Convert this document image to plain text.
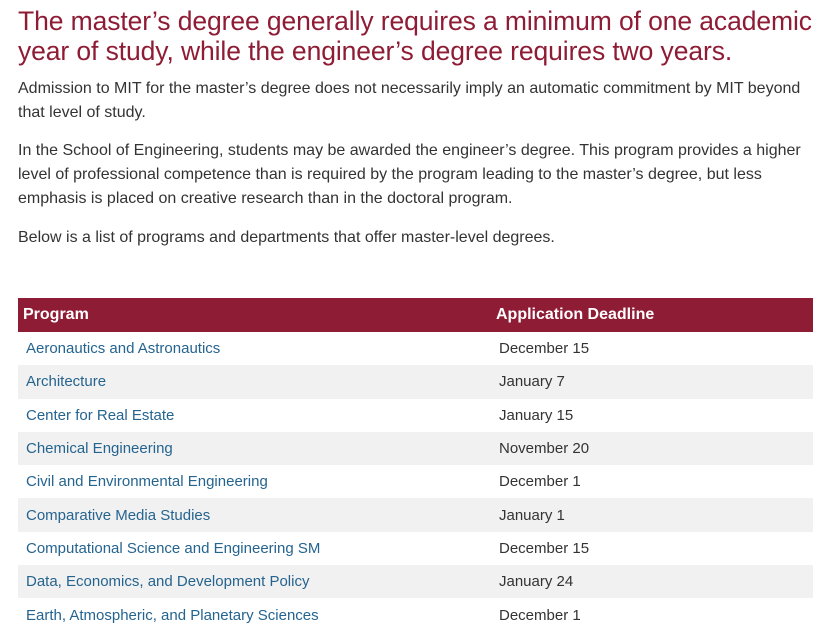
The master’s degree generally requires a minimum of one academic year of study, while the engineer’s degree requires two years.

Admission to MIT for the master’s degree does not necessarily imply an automatic commitment by MIT beyond that level of study.

In the School of Engineering, students may be awarded the engineer’s degree. This program provides a higher level of professional competence than is required by the program leading to the master’s degree, but less emphasis is placed on creative research than in the doctoral program.

Below is a list of programs and departments that offer master-level degrees.

Program	Application Deadline
Aeronautics and Astronautics	December 15
Architecture	January 7
Center for Real Estate	January 15
Chemical Engineering	November 20
Civil and Environmental Engineering	December 1
Comparative Media Studies	January 1
Computational Science and Engineering SM	December 15
Data, Economics, and Development Policy	January 24
Earth, Atmospheric, and Planetary Sciences	December 1
